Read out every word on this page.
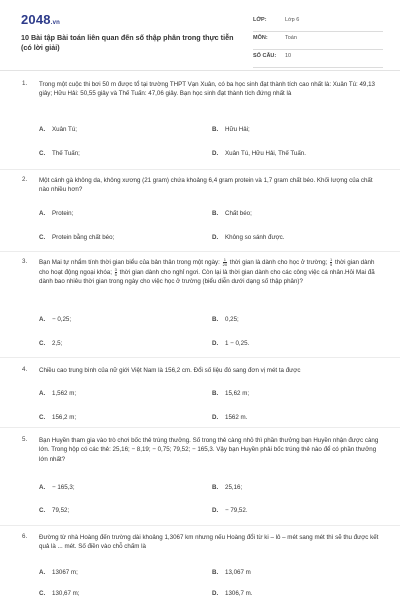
2048.vn
10 Bài tập Bài toán liên quan đến số thập phân trong thực tiễn (có lời giải)
LỚP:	Lớp 6
MÔN:	Toán
SỐ CÂU: 10
1. Trong một cuộc thi bơi 50 m được tổ tại trường THPT Vạn Xuân, có ba học sinh đạt thành tích cao nhất là: Xuân Tú: 49,13 giây; Hữu Hải: 50,55 giây và Thế Tuấn: 47,06 giây. Bạn học sinh đạt thành tích đứng nhất là
A. Xuân Tú;	B. Hữu Hải;
C. Thế Tuấn;	D. Xuân Tú, Hữu Hải, Thế Tuấn.
2. Một cánh gà không da, không xương (21 gram) chứa khoảng 6,4 gram protein và 1,7 gram chất béo. Khối lượng của chất nào nhiều hơn?
A. Protein;	B. Chất béo;
C. Protein bằng chất béo;	D. Không so sánh được.
3. Bạn Mai tự nhẩm tính thời gian biểu của bản thân trong một ngày: $\frac{1}{20}$ thời gian là dành cho học ở trường; $\frac{1}{5}$ thời gian dành cho hoạt động ngoại khóa; $\frac{3}{5}$ thời gian dành cho nghỉ ngơi. Còn lại là thời gian dành cho các công việc cá nhân.Hỏi Mai đã dành bao nhiêu thời gian trong ngày cho việc học ở trường (biểu diễn dưới dạng số thập phân)?
A. − 0,25;	B. 0,25;
C. 2,5;	D. 1 − 0,25.
4. Chiều cao trung bình của nữ giới Việt Nam là 156,2 cm. Đổi số liệu đó sang đơn vị mét ta được
A. 1,562 m;	B. 15,62 m;
C. 156,2 m;	D. 1562 m.
5. Bạn Huyền tham gia vào trò chơi bốc thẻ trúng thưởng. Số trong thẻ càng nhỏ thì phần thưởng bạn Huyền nhận được càng lớn. Trong hộp có các thẻ: 25,16; − 8,19; − 0,75; 79,52; − 165,3. Vậy bạn Huyền phải bốc trúng thẻ nào để có phần thưởng lớn nhất?
A. − 165,3;	B. 25,16;
C. 79,52;	D. − 79,52.
6. Đường từ nhà Hoàng đến trường dài khoảng 1,3067 km nhưng nếu Hoàng đổi từ ki – lô – mét sang mét thì sẽ thu được kết quả là ... mét. Số điền vào chỗ chấm là
A. 13067 m;	B. 13,067 m
C. 130,67 m;	D. 1306,7 m.
